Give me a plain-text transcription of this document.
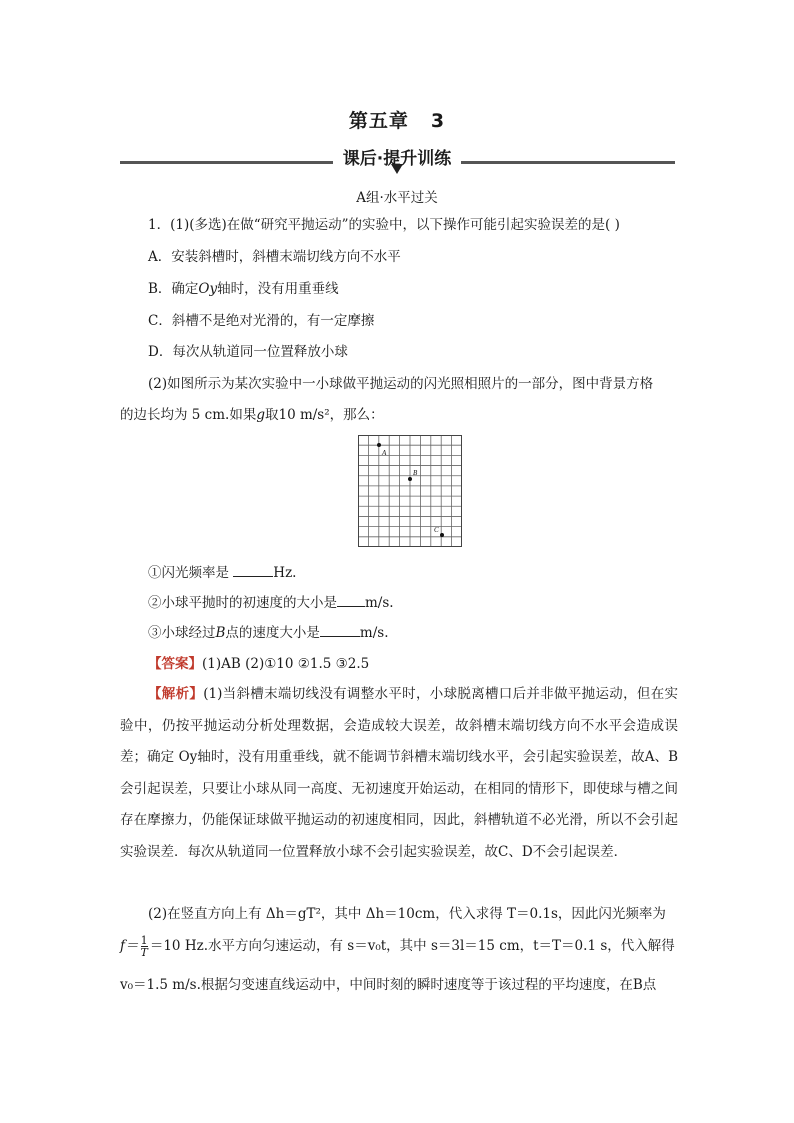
第五章 3
课后·提升训练
A组·水平过关
1．(1)(多选)在做“研究平抛运动”的实验中，以下操作可能引起实验误差的是( )
A．安装斜槽时，斜槽末端切线方向不水平
B．确定Oy轴时，没有用重垂线
C．斜槽不是绝对光滑的，有一定摩擦
D．每次从轨道同一位置释放小球
(2)如图所示为某次实验中一小球做平抛运动的闪光照相照片的一部分，图中背景方格
的边长均为 5 cm.如果g取10 m/s²，那么：
A
B
C
①闪光频率是	Hz.
②小球平抛时的初速度的大小是 m/s.
③小球经过B点的速度大小是	m/s.
【答案】(1)AB (2)①10 ②1.5 ③2.5
【解析】(1)当斜槽末端切线没有调整水平时，小球脱离槽口后并非做平抛运动，但在实验中，仍按平抛运动分析处理数据，会造成较大误差，故斜槽末端切线方向不水平会造成误差；确定 Oy轴时，没有用重垂线，就不能调节斜槽末端切线水平，会引起实验误差，故A、B会引起误差，只要让小球从同一高度、无初速度开始运动，在相同的情形下，即使球与槽之间存在摩擦力，仍能保证球做平抛运动的初速度相同，因此，斜槽轨道不必光滑，所以不会引起实验误差．每次从轨道同一位置释放小球不会引起实验误差，故C、D不会引起误差．
(2)在竖直方向上有 Δh＝gT²，其中 Δh＝10cm，代入求得 T＝0.1s，因此闪光频率为
$f= \frac{1}{T} =10$ Hz.水平方向匀速运动，有 s＝v₀t，其中 s＝3l＝15 cm，t＝T＝0.1 s，代入解得
v₀＝1.5 m/s.根据匀变速直线运动中，中间时刻的瞬时速度等于该过程的平均速度，在B点
